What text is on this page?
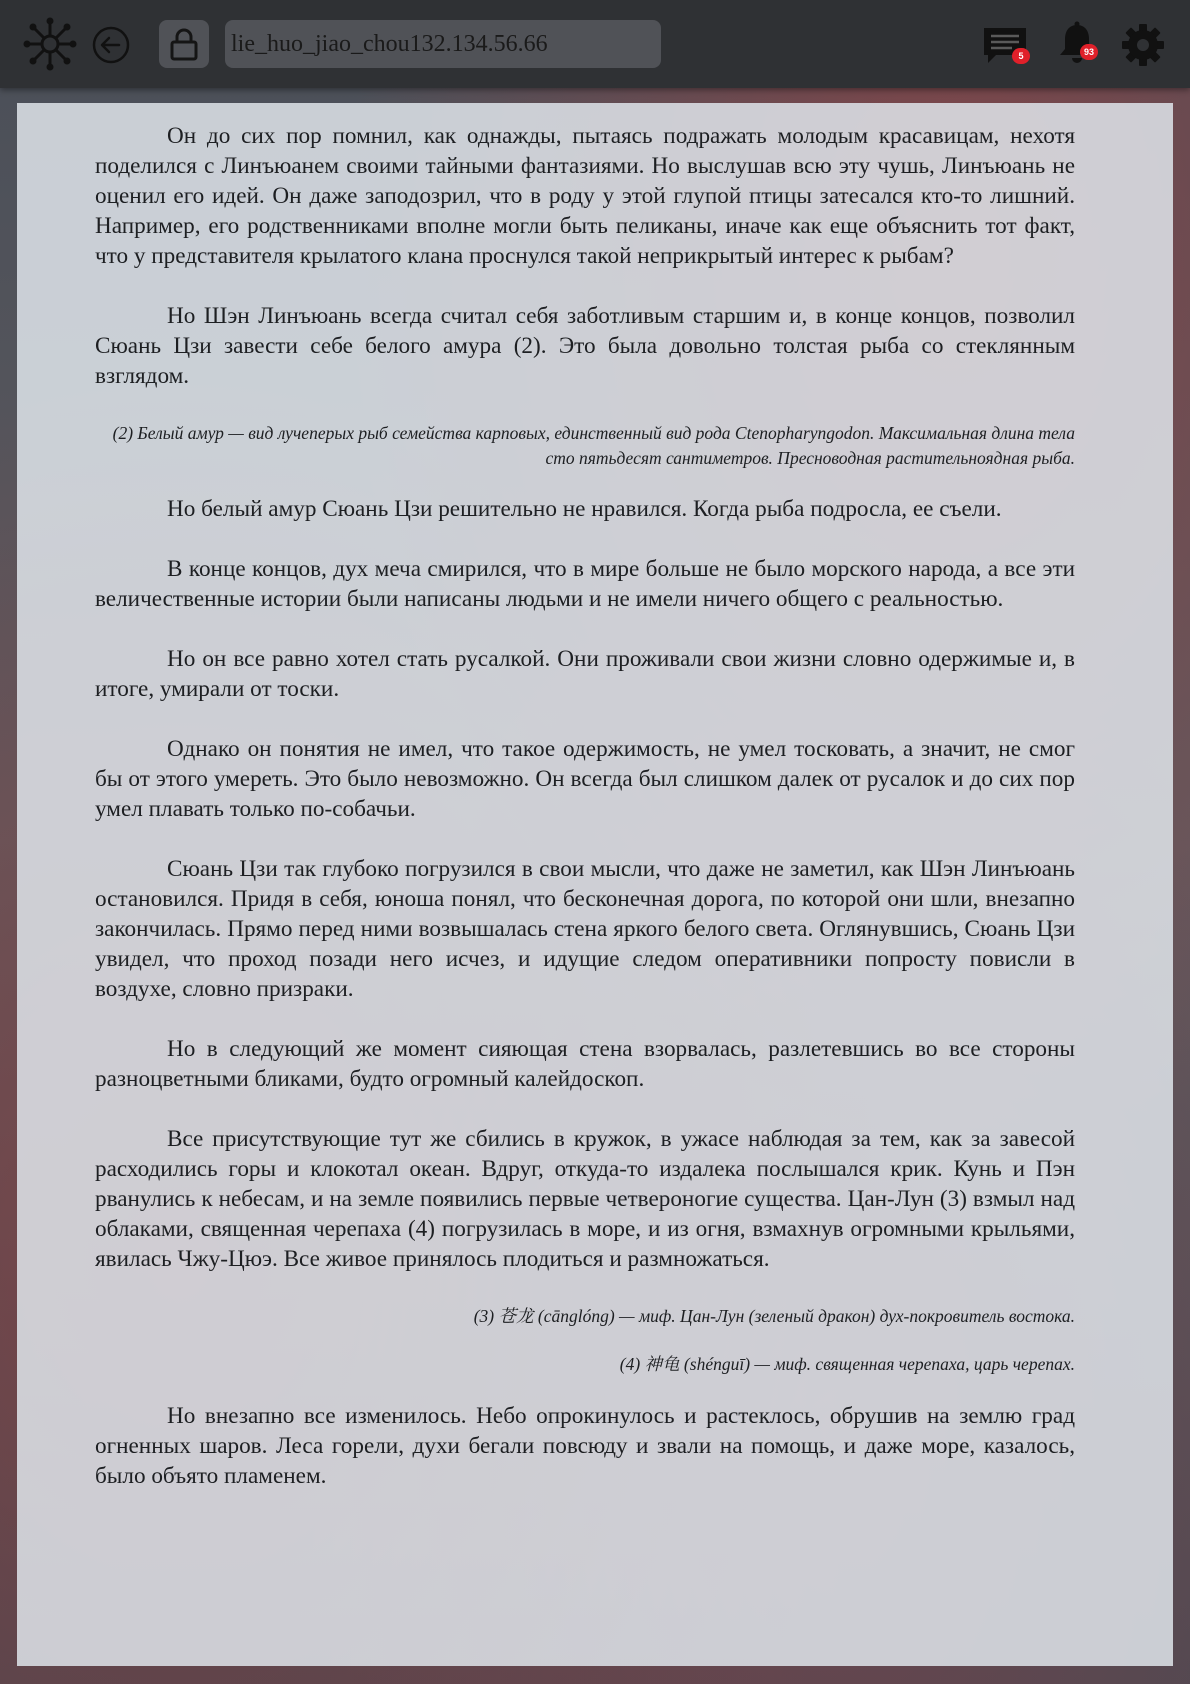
lie_huo_jiao_chou132.134.56.66
5	93

Он до сих пор помнил, как однажды, пытаясь подражать молодым красавицам, нехотя поделился с Линъюанем своими тайными фантазиями. Но выслушав всю эту чушь, Линъюань не оценил его идей. Он даже заподозрил, что в роду у этой глупой птицы затесался кто-то лишний. Например, его родственниками вполне могли быть пеликаны, иначе как еще объяснить тот факт, что у представителя крылатого клана проснулся такой неприкрытый интерес к рыбам?

Но Шэн Линъюань всегда считал себя заботливым старшим и, в конце концов, позволил Сюань Цзи завести себе белого амура (2). Это была довольно толстая рыба со стеклянным взглядом.

(2) Белый амур — вид лучеперых рыб семейства карповых, единственный вид рода Ctenopharyngodon. Максимальная длина тела сто пятьдесят сантиметров. Пресноводная растительноядная рыба.

Но белый амур Сюань Цзи решительно не нравился. Когда рыба подросла, ее съели.

В конце концов, дух меча смирился, что в мире больше не было морского народа, а все эти величественные истории были написаны людьми и не имели ничего общего с реальностью.

Но он все равно хотел стать русалкой. Они проживали свои жизни словно одержимые и, в итоге, умирали от тоски.

Однако он понятия не имел, что такое одержимость, не умел тосковать, а значит, не смог бы от этого умереть. Это было невозможно. Он всегда был слишком далек от русалок и до сих пор умел плавать только по-собачьи.

Сюань Цзи так глубоко погрузился в свои мысли, что даже не заметил, как Шэн Линъюань остановился. Придя в себя, юноша понял, что бесконечная дорога, по которой они шли, внезапно закончилась. Прямо перед ними возвышалась стена яркого белого света. Оглянувшись, Сюань Цзи увидел, что проход позади него исчез, и идущие следом оперативники попросту повисли в воздухе, словно призраки.

Но в следующий же момент сияющая стена взорвалась, разлетевшись во все стороны разноцветными бликами, будто огромный калейдоскоп.

Все присутствующие тут же сбились в кружок, в ужасе наблюдая за тем, как за завесой расходились горы и клокотал океан. Вдруг, откуда-то издалека послышался крик. Кунь и Пэн рванулись к небесам, и на земле появились первые четвероногие существа. Цан-Лун (3) взмыл над облаками, священная черепаха (4) погрузилась в море, и из огня, взмахнув огромными крыльями, явилась Чжу-Цюэ. Все живое принялось плодиться и размножаться.

(3) 苍龙 (cānglóng) — миф. Цан-Лун (зеленый дракон) дух-покровитель востока.

(4) 神龟 (shénguī) — миф. священная черепаха, царь черепах.

Но внезапно все изменилось. Небо опрокинулось и растеклось, обрушив на землю град огненных шаров. Леса горели, духи бегали повсюду и звали на помощь, и даже море, казалось, было объято пламенем.
